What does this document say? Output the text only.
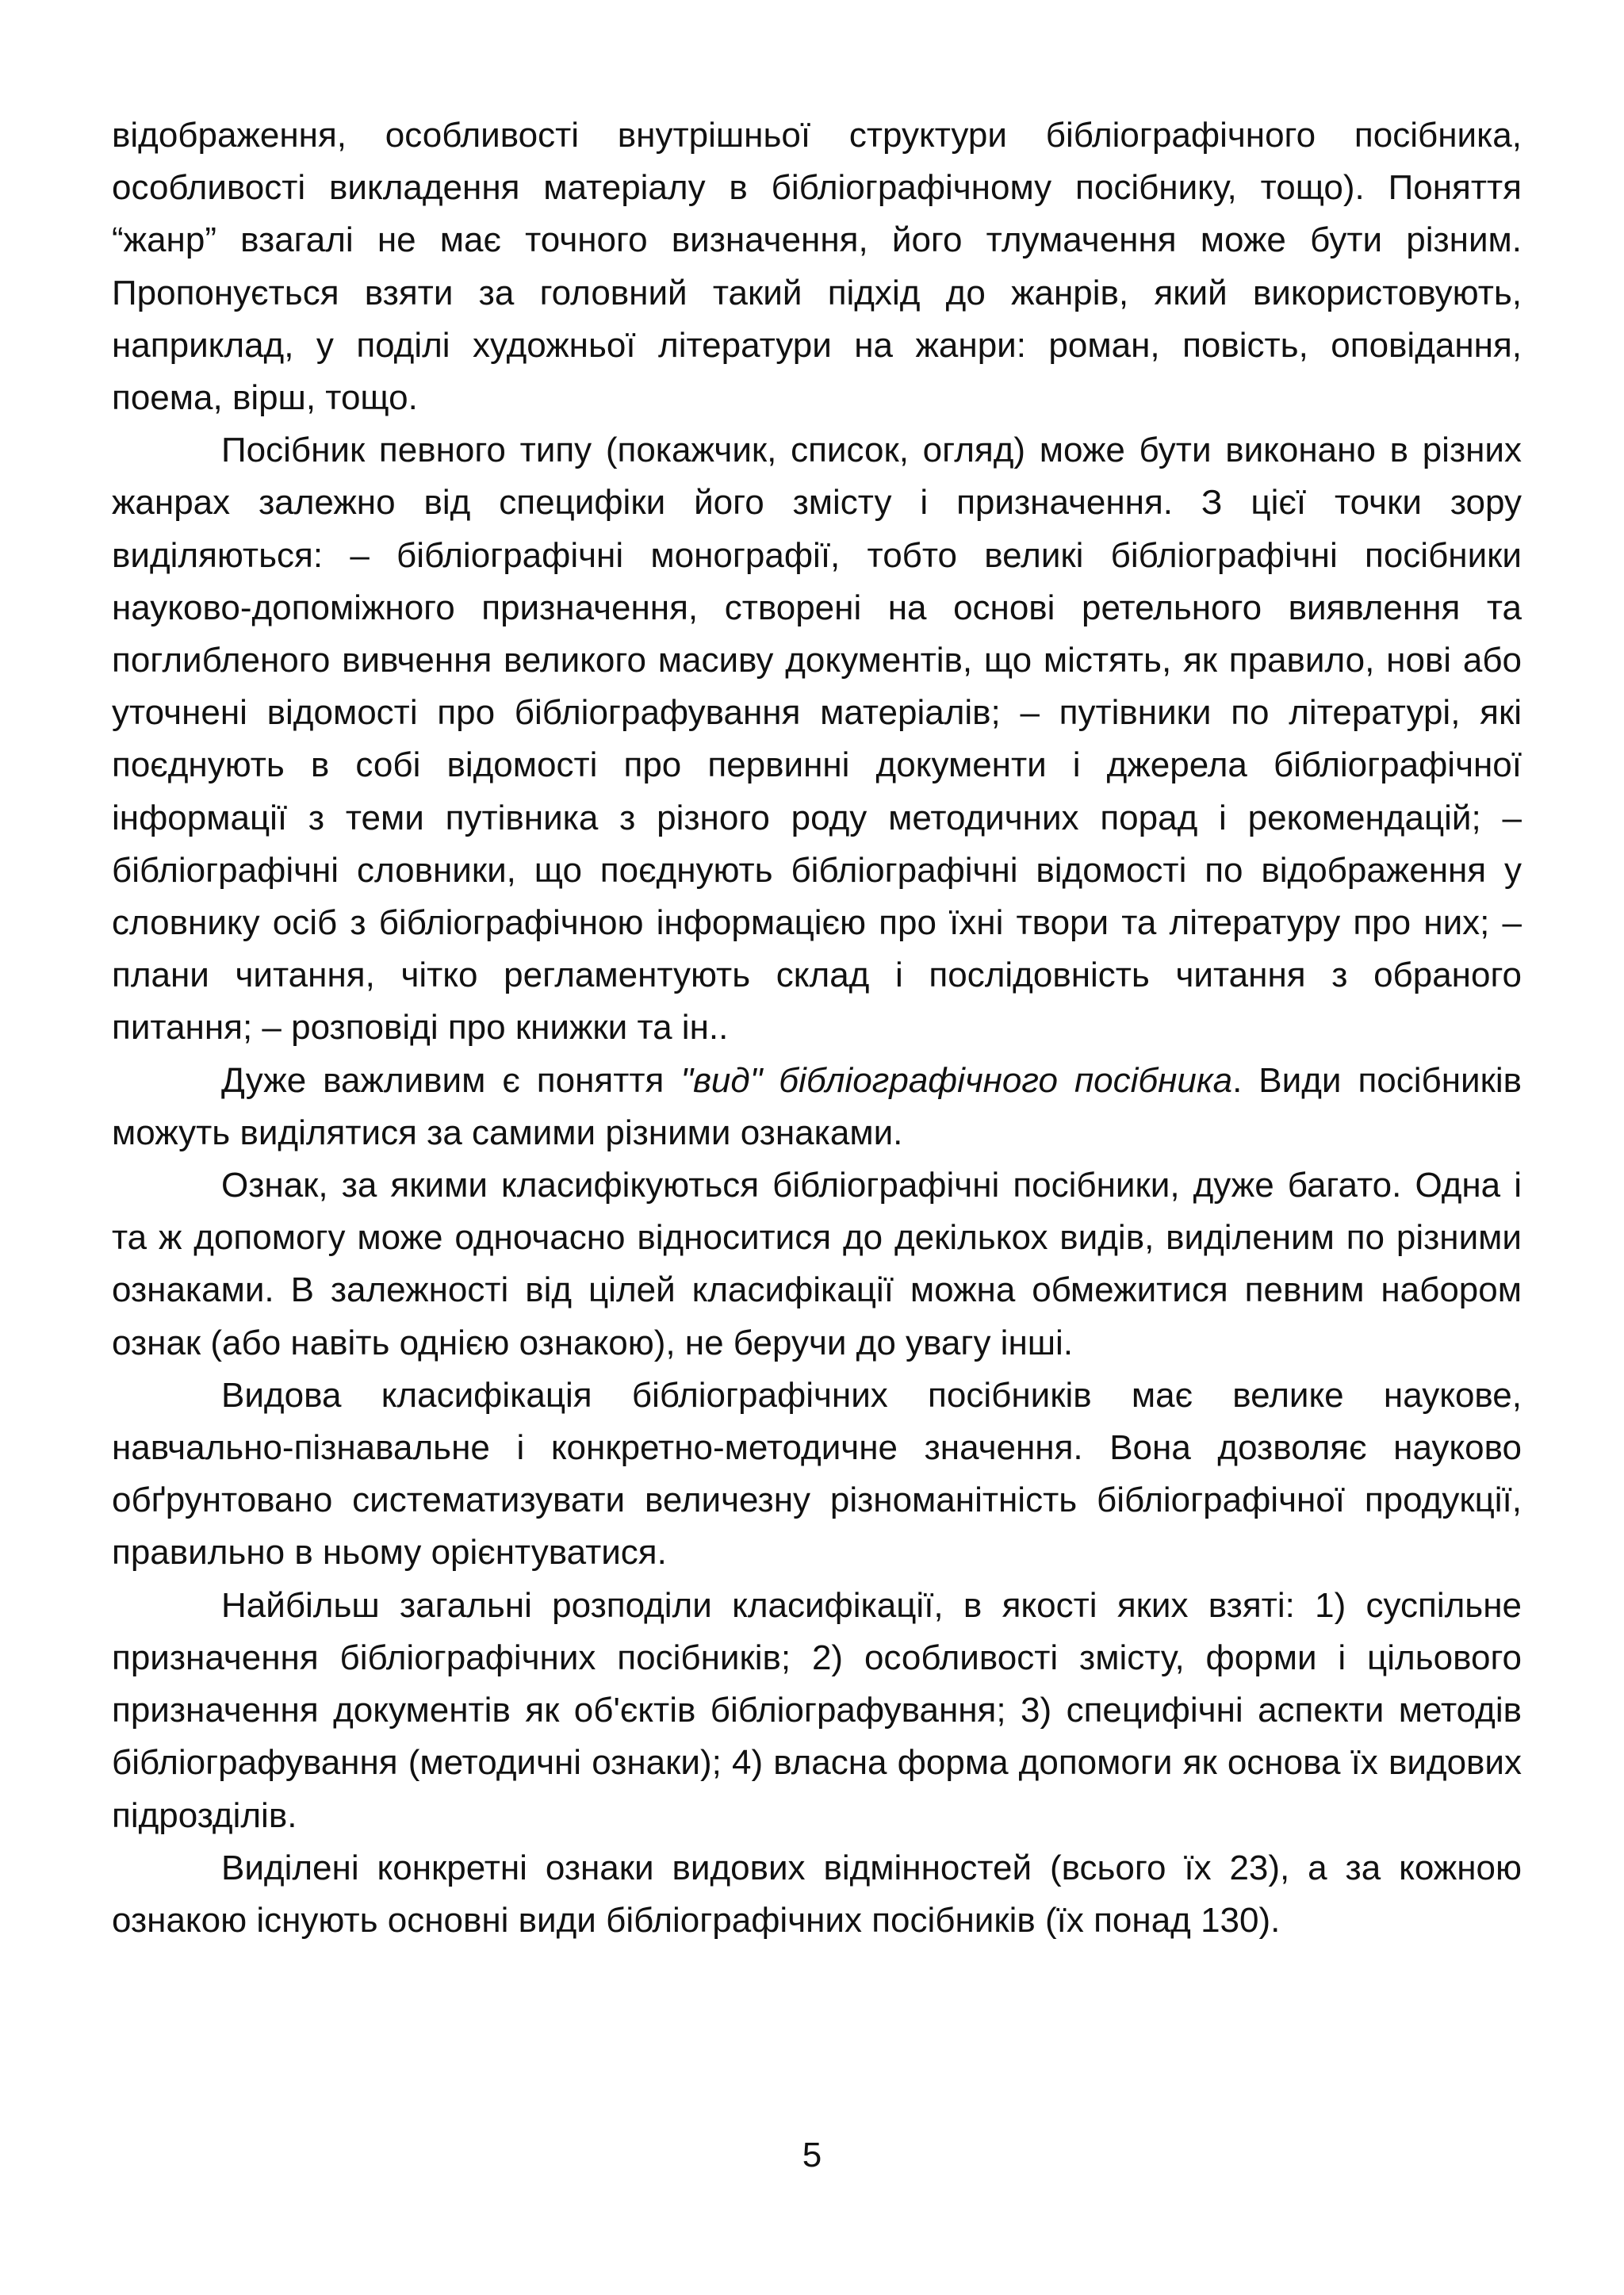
відображення, особливості внутрішньої структури бібліографічного посібника, особливості викладення матеріалу в бібліографічному посібнику, тощо). Поняття “жанр” взагалі не має точного визначення, його тлумачення може бути різним. Пропонується взяти за головний такий підхід до жанрів, який використовують, наприклад, у поділі художньої літератури на жанри: роман, повість, оповідання, поема, вірш, тощо.

Посібник певного типу (покажчик, список, огляд) може бути виконано в різних жанрах залежно від специфіки його змісту і призначення. З цієї точки зору виділяються: – бібліографічні монографії, тобто великі бібліографічні посібники науково-допоміжного призначення, створені на основі ретельного виявлення та поглибленого вивчення великого масиву документів, що містять, як правило, нові або уточнені відомості про бібліографування матеріалів; – путівники по літературі, які поєднують в собі відомості про первинні документи і джерела бібліографічної інформації з теми путівника з різного роду методичних порад і рекомендацій; – бібліографічні словники, що поєднують бібліографічні відомості по відображення у словнику осіб з бібліографічною інформацією про їхні твори та літературу про них; – плани читання, чітко регламентують склад і послідовність читання з обраного питання; – розповіді про книжки та ін..

Дуже важливим є поняття "вид" бібліографічного посібника. Види посібників можуть виділятися за самими різними ознаками.

Ознак, за якими класифікуються бібліографічні посібники, дуже багато. Одна і та ж допомогу може одночасно відноситися до декількох видів, виділеним по різними ознаками. В залежності від цілей класифікації можна обмежитися певним набором ознак (або навіть однією ознакою), не беручи до увагу інші.

Видова класифікація бібліографічних посібників має велике наукове, навчально-пізнавальне і конкретно-методичне значення. Вона дозволяє науково обґрунтовано систематизувати величезну різноманітність бібліографічної продукції, правильно в ньому орієнтуватися.

Найбільш загальні розподіли класифікації, в якості яких взяті: 1) суспільне призначення бібліографічних посібників; 2) особливості змісту, форми і цільового призначення документів як об'єктів бібліографування; 3) специфічні аспекти методів бібліографування (методичні ознаки); 4) власна форма допомоги як основа їх видових підрозділів.

Виділені конкретні ознаки видових відмінностей (всього їх 23), а за кожною ознакою існують основні види бібліографічних посібників (їх понад 130).

5
